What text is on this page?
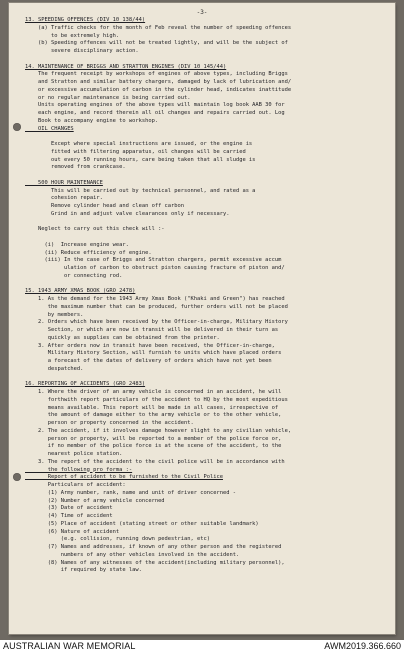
-3-
13. SPEEDING OFFENCES (DIV 10 138/44)
(a) Traffic checks for the month of Feb reveal the number of speeding offences
to be extremely high.
(b) Speeding offences will not be treated lightly, and will be the subject of
severe disciplinary action.
14. MAINTENANCE OF BRIGGS AND STRATTON ENGINES (DIV 10 145/44)
The frequent receipt by workshops of engines of above types, including Briggs
and Stratton and similar battery chargers, damaged by lack of lubrication and/
or excessive accumulation of carbon in the cylinder head, indicates inattitude
or no regular maintenance is being carried out.
Units operating engines of the above types will maintain log book AAB 30 for
each engine, and record therein all oil changes and repairs carried out. Log
Book to accompany engine to workshop.
OIL CHANGES
Except where special instructions are issued, or the engine is
fitted with filtering apparatus, oil changes will be carried
out every 50 running hours, care being taken that all sludge is
removed from crankcase.
500 HOUR MAINTENANCE
This will be carried out by technical personnel, and rated as a
cohesion repair.
Remove cylinder head and clean off carbon
Grind in and adjust valve clearances only if necessary.
Neglect to carry out this check will :-
(i)  Increase engine wear.
(ii) Reduce efficiency of engine.
(iii) In the case of Briggs and Stratton chargers, permit excessive accum
ulation of carbon to obstruct piston causing fracture of piston and/
or connecting rod.
15. 1943 ARMY XMAS BOOK (GRO 2478)
1. As the demand for the 1943 Army Xmas Book ("Khaki and Green") has reached
the maximum number that can be produced, further orders will not be placed
by members.
2. Orders which have been received by the Officer-in-charge, Military History
Section, or which are now in transit will be delivered in their turn as
quickly as supplies can be obtained from the printer.
3. After orders now in transit have been received, the Officer-in-charge,
Military History Section, will furnish to units which have placed orders
a forecast of the dates of delivery of orders which have not yet been
despatched.
16. REPORTING OF ACCIDENTS (GRO 2483)
1. Where the driver of an army vehicle is concerned in an accident, he will
forthwith report particulars of the accident to HQ by the most expeditious
means available. This report will be made in all cases, irrespective of
the amount of damage either to the army vehicle or to the other vehicle,
person or property concerned in the accident.
2. The accident, if it involves damage however slight to any civilian vehicle,
person or property, will be reported to a member of the police force or,
if no member of the police force is at the scene of the accident, to the
nearest police station.
3. The report of the accident to the civil police will be in accordance with
the following pro forma :-
Report of accident to be furnished to the Civil Police
Particulars of accident:
(1) Army number, rank, name and unit of driver concerned -
(2) Number of army vehicle concerned
(3) Date of accident
(4) Time of accident
(5) Place of accident (stating street or other suitable landmark)
(6) Nature of accident
(e.g. collision, running down pedestrian, etc)
(7) Names and addresses, if known of any other person and the registered
numbers of any other vehicles involved in the accident.
(8) Names of any witnesses of the accident(including military personnel),
if required by state law.
AUSTRALIAN WAR MEMORIAL	AWM2019.366.660
